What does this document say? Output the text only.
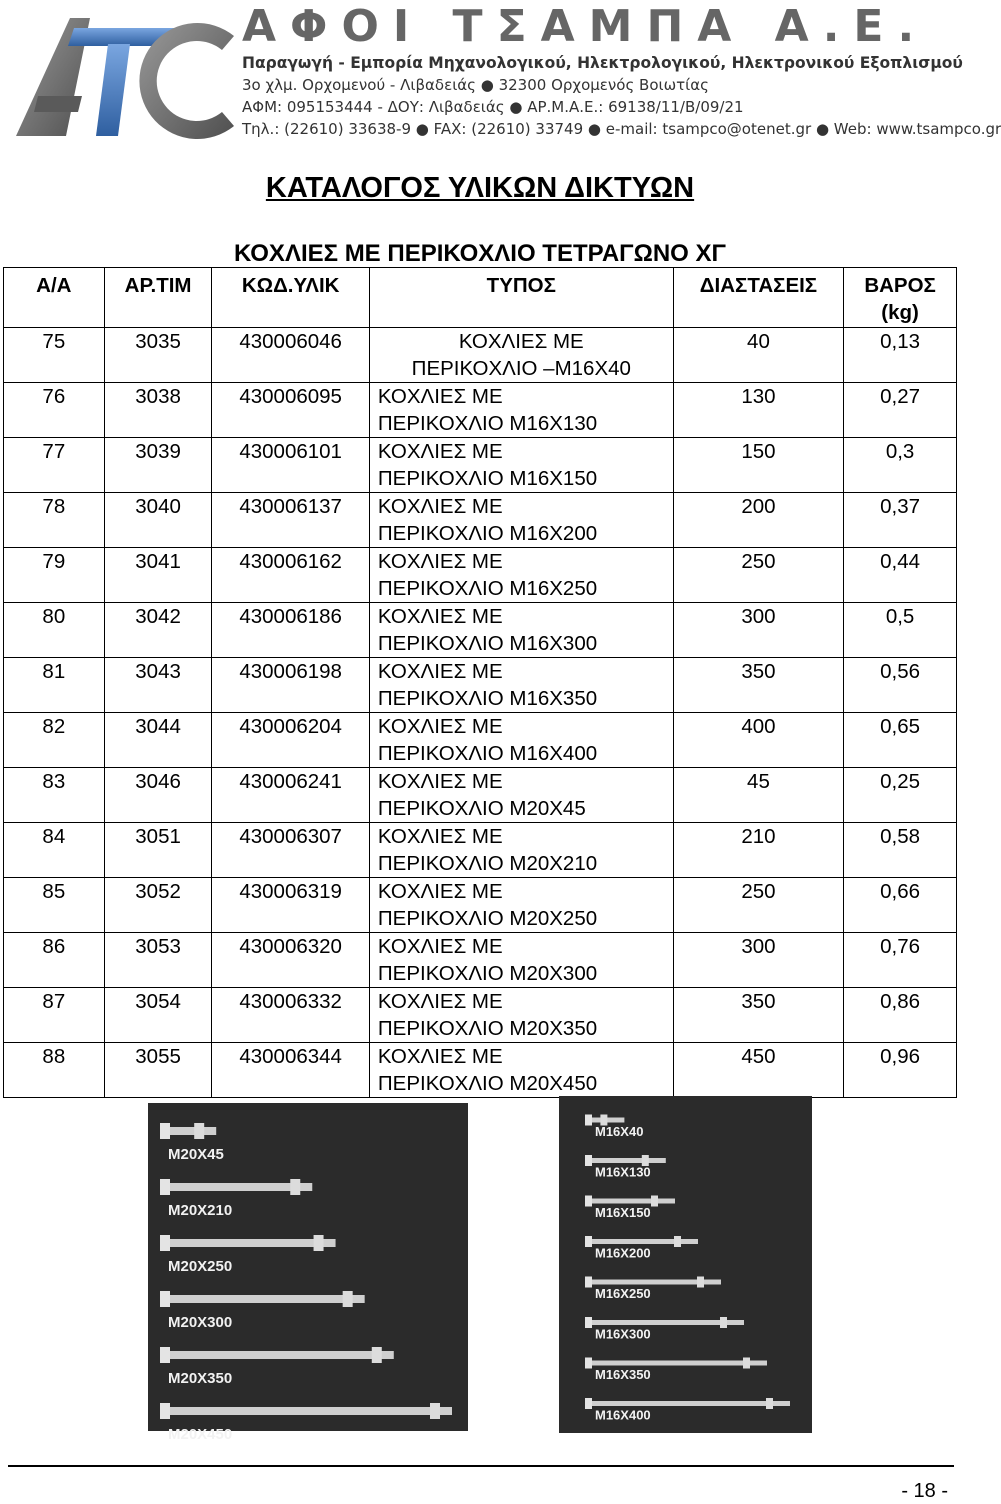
ΑΦΟΙ ΤΣΑΜΠΑ Α.Ε.
Παραγωγή - Εμπορία Μηχανολογικού, Ηλεκτρολογικού, Ηλεκτρονικού Εξοπλισμού
3ο χλμ. Ορχομενού - Λιβαδειάς ● 32300 Ορχομενός Βοιωτίας
ΑΦΜ: 095153444 - ΔΟΥ: Λιβαδειάς ● ΑΡ.Μ.Α.Ε.: 69138/11/Β/09/21
Τηλ.: (22610) 33638-9 ● FAX: (22610) 33749 ● e-mail: tsampco@otenet.gr ● Web: www.tsampco.gr
ΚΑΤΑΛΟΓΟΣ ΥΛΙΚΩΝ ΔΙΚΤΥΩΝ
ΚΟΧΛΙΕΣ ΜΕ ΠΕΡΙΚΟΧΛΙΟ ΤΕΤΡΑΓΩΝΟ ΧΓ
Α/Α	ΑΡ.ΤΙΜ	ΚΩΔ.ΥΛΙΚ	ΤΥΠΟΣ	ΔΙΑΣΤΑΣΕΙΣ	ΒΑΡΟΣ (kg)
75	3035	430006046	ΚΟΧΛΙΕΣ ΜΕ
ΠΕΡΙΚΟΧΛΙΟ –Μ16Χ40	40	0,13
76	3038	430006095	ΚΟΧΛΙΕΣ ΜΕ
ΠΕΡΙΚΟΧΛΙΟ Μ16Χ130	130	0,27
77	3039	430006101	ΚΟΧΛΙΕΣ ΜΕ
ΠΕΡΙΚΟΧΛΙΟ Μ16Χ150	150	0,3
78	3040	430006137	ΚΟΧΛΙΕΣ ΜΕ
ΠΕΡΙΚΟΧΛΙΟ Μ16Χ200	200	0,37
79	3041	430006162	ΚΟΧΛΙΕΣ ΜΕ
ΠΕΡΙΚΟΧΛΙΟ Μ16Χ250	250	0,44
80	3042	430006186	ΚΟΧΛΙΕΣ ΜΕ
ΠΕΡΙΚΟΧΛΙΟ Μ16Χ300	300	0,5
81	3043	430006198	ΚΟΧΛΙΕΣ ΜΕ
ΠΕΡΙΚΟΧΛΙΟ Μ16Χ350	350	0,56
82	3044	430006204	ΚΟΧΛΙΕΣ ΜΕ
ΠΕΡΙΚΟΧΛΙΟ Μ16Χ400	400	0,65
83	3046	430006241	ΚΟΧΛΙΕΣ ΜΕ
ΠΕΡΙΚΟΧΛΙΟ Μ20Χ45	45	0,25
84	3051	430006307	ΚΟΧΛΙΕΣ ΜΕ
ΠΕΡΙΚΟΧΛΙΟ Μ20Χ210	210	0,58
85	3052	430006319	ΚΟΧΛΙΕΣ ΜΕ
ΠΕΡΙΚΟΧΛΙΟ Μ20Χ250	250	0,66
86	3053	430006320	ΚΟΧΛΙΕΣ ΜΕ
ΠΕΡΙΚΟΧΛΙΟ Μ20Χ300	300	0,76
87	3054	430006332	ΚΟΧΛΙΕΣ ΜΕ
ΠΕΡΙΚΟΧΛΙΟ Μ20Χ350	350	0,86
88	3055	430006344	ΚΟΧΛΙΕΣ ΜΕ
ΠΕΡΙΚΟΧΛΙΟ Μ20Χ450	450	0,96
M20X45
M20X210
M20X250
M20X300
M20X350
M20X450
M16X40
M16X130
M16X150
M16X200
M16X250
M16X300
M16X350
M16X400
- 18 -
